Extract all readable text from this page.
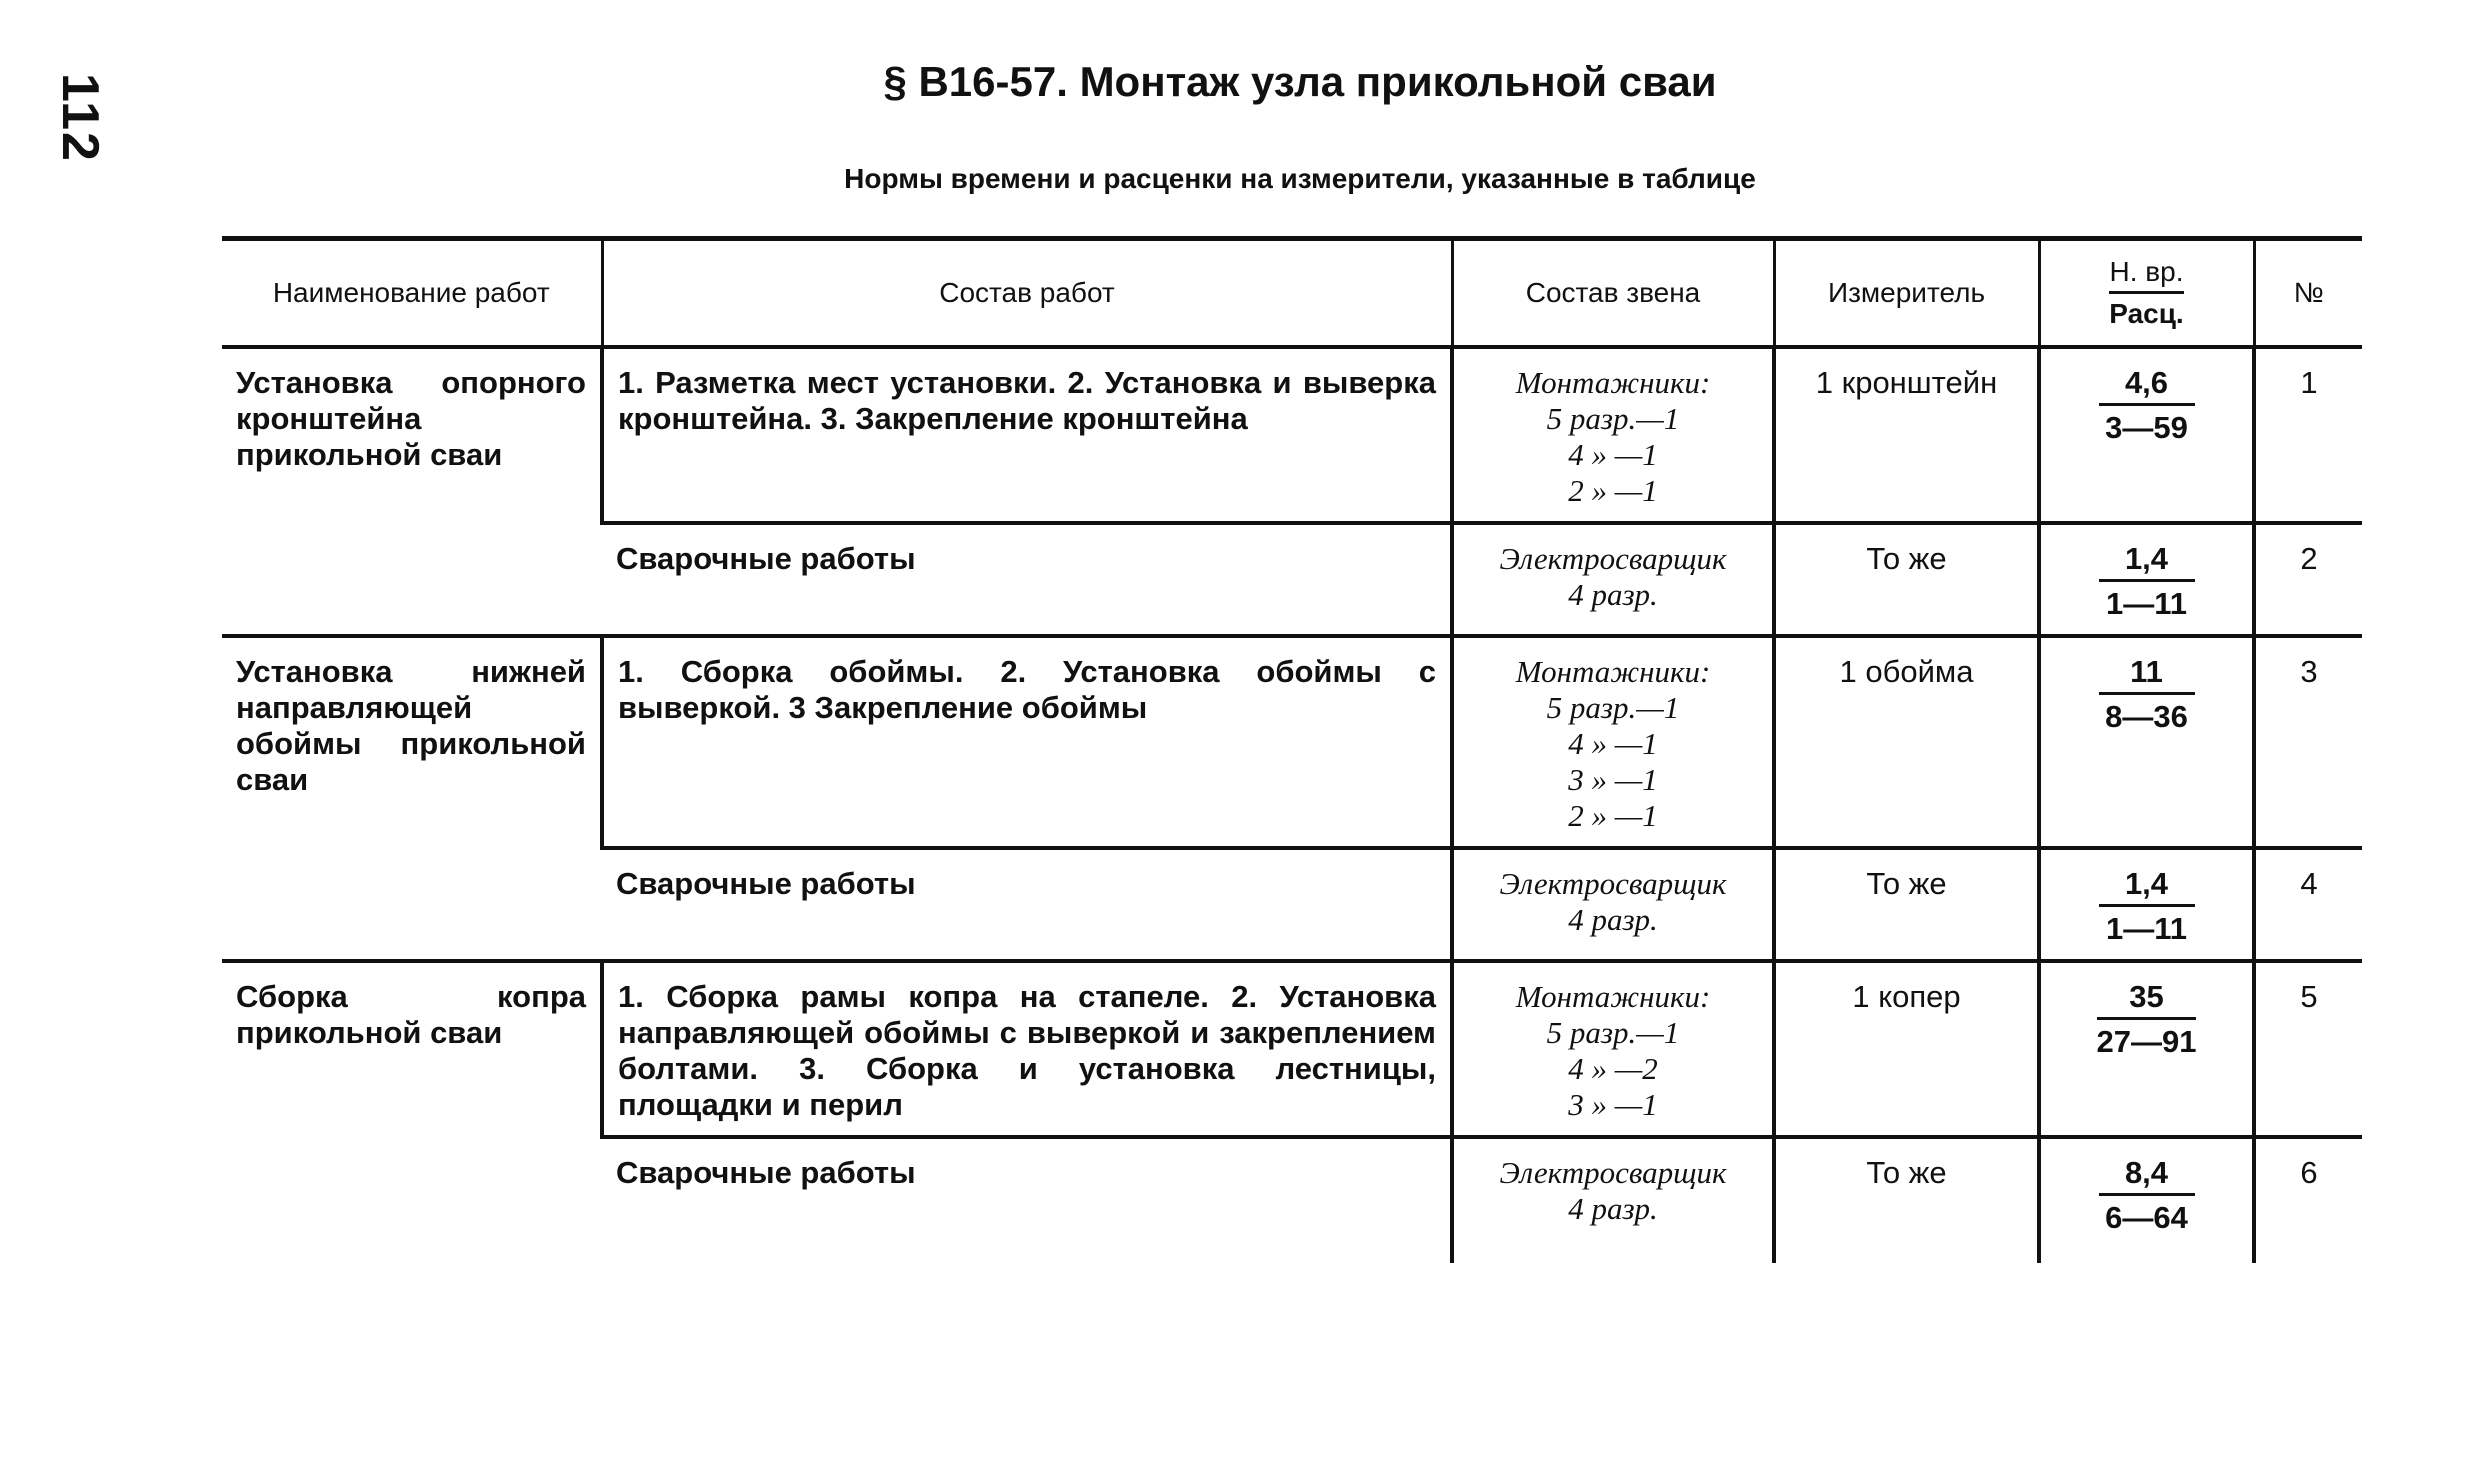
112	§ В16-57. Монтаж узла прикольной сваи
Нормы времени и расценки на измерители, указанные в таблице
Наименование работ	Состав работ	Состав звена	Измеритель	$\frac{Н. вр.}{\text{Расц.}}$	№
Установка опорного кронштейна прикольной сваи	1. Разметка мест установки. 2. Установка и выверка кронштейна. 3. Закрепление кронштейна	Монтажники:
5 разр.—1
4 » —1
2 » —1	1 кронштейн	$\frac{4,6}{3—59}$	1
	Сварочные работы	Электросварщик
4 разр.	То же	$\frac{1,4}{1—11}$	2
Установка нижней направляющей обоймы прикольной сваи	1. Сборка обоймы. 2. Установка обоймы с выверкой. 3 Закрепление обоймы	Монтажники:
5 разр.—1
4 » —1
3 » —1
2 » —1	1 обойма	$\frac{11}{8—36}$	3
	Сварочные работы	Электросварщик
4 разр.	То же	$\frac{1,4}{1—11}$	4
Сборка копра прикольной сваи	1. Сборка рамы копра на стапеле. 2. Установка направляющей обоймы с выверкой и закреплением болтами. 3. Сборка и установка лестницы, площадки и перил	Монтажники:
5 разр.—1
4 » —2
3 » —1	1 копер	$\frac{35}{27—91}$	5
	Сварочные работы	Электросварщик
4 разр.	То же	$\frac{8,4}{6—64}$	6
